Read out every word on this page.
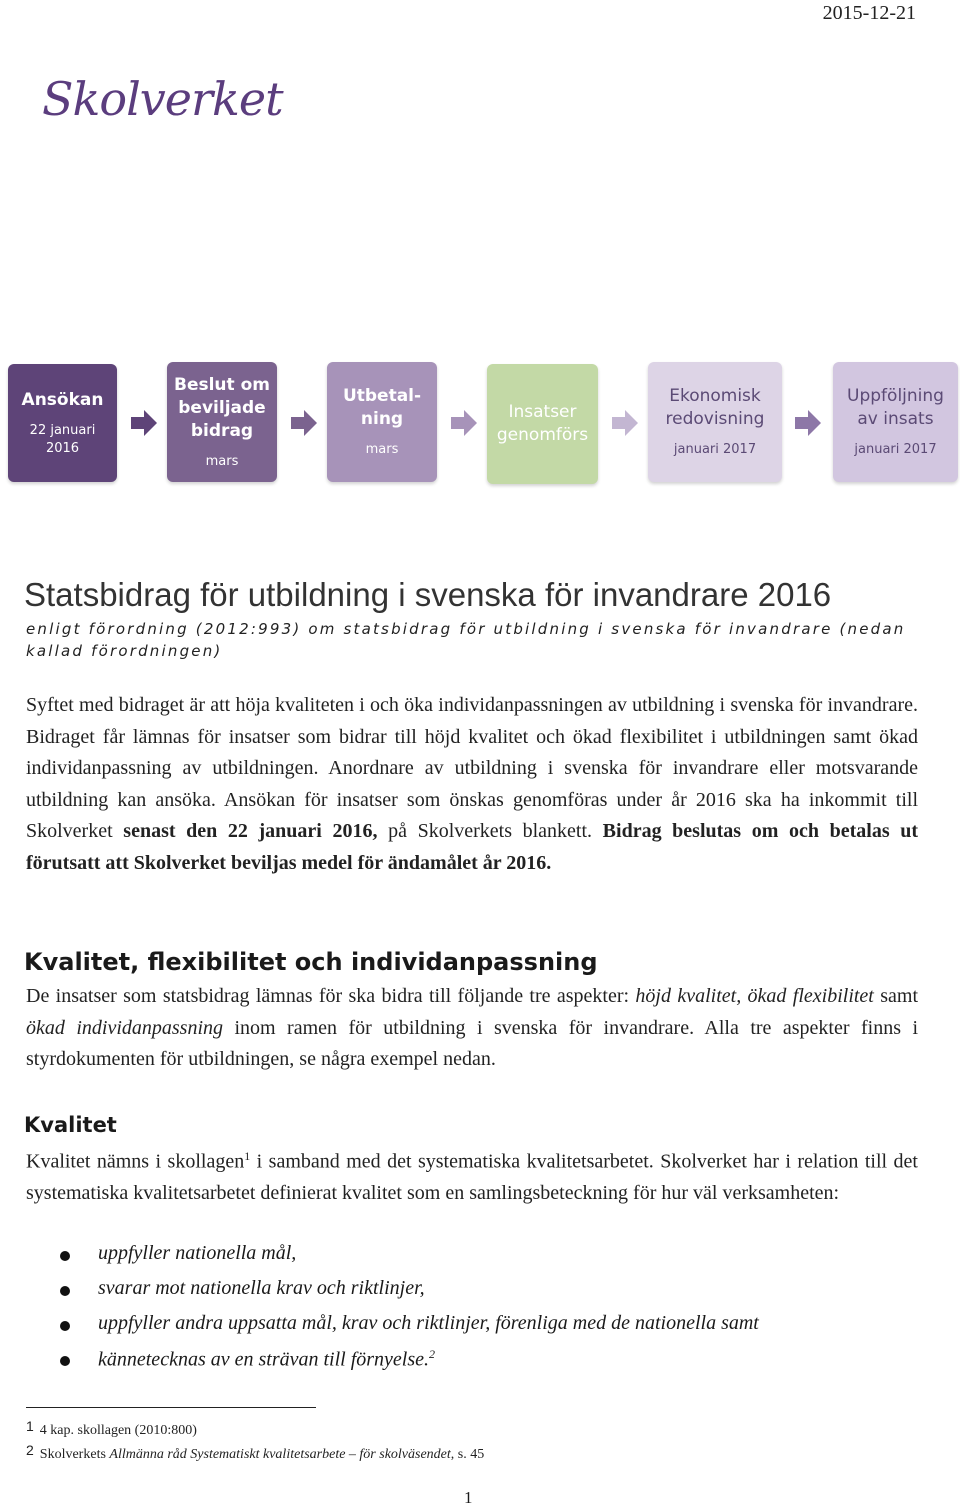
2015-12-21
Skolverket
Ansökan
22 januari
2016
Beslut om
beviljade
bidrag
mars
Utbetal-
ning
mars
Insatser
genomförs
Ekonomisk
redovisning
januari 2017
Uppföljning
av insats
januari 2017
Statsbidrag för utbildning i svenska för invandrare 2016
enligt förordning (2012:993) om statsbidrag för utbildning i svenska för invandrare (nedan kallad förordningen)
Syftet med bidraget är att höja kvaliteten i och öka individanpassningen av utbildning i svenska för invandrare. Bidraget får lämnas för insatser som bidrar till höjd kvalitet och ökad flexibilitet i utbildningen samt ökad individanpassning av utbildningen. Anordnare av utbildning i svenska för invandrare eller motsvarande utbildning kan ansöka. Ansökan för insatser som önskas genomföras under år 2016 ska ha inkommit till Skolverket senast den 22 januari 2016, på Skolverkets blankett. Bidrag beslutas om och betalas ut förutsatt att Skolverket beviljas medel för ändamålet år 2016.
Kvalitet, flexibilitet och individanpassning
De insatser som statsbidrag lämnas för ska bidra till följande tre aspekter: höjd kvalitet, ökad flexibilitet samt ökad individanpassning inom ramen för utbildning i svenska för invandrare. Alla tre aspekter finns i styrdokumenten för utbildningen, se några exempel nedan.
Kvalitet
Kvalitet nämns i skollagen$^1$ i samband med det systematiska kvalitetsarbetet. Skolverket har i relation till det systematiska kvalitetsarbetet definierat kvalitet som en samlingsbeteckning för hur väl verksamheten:
uppfyller nationella mål,
svarar mot nationella krav och riktlinjer,
uppfyller andra uppsatta mål, krav och riktlinjer, förenliga med de nationella samt
kännetecknas av en strävan till förnyelse.$^2$
1 4 kap. skollagen (2010:800)
2 Skolverkets Allmänna råd Systematiskt kvalitetsarbete – för skolväsendet, s. 45
1
